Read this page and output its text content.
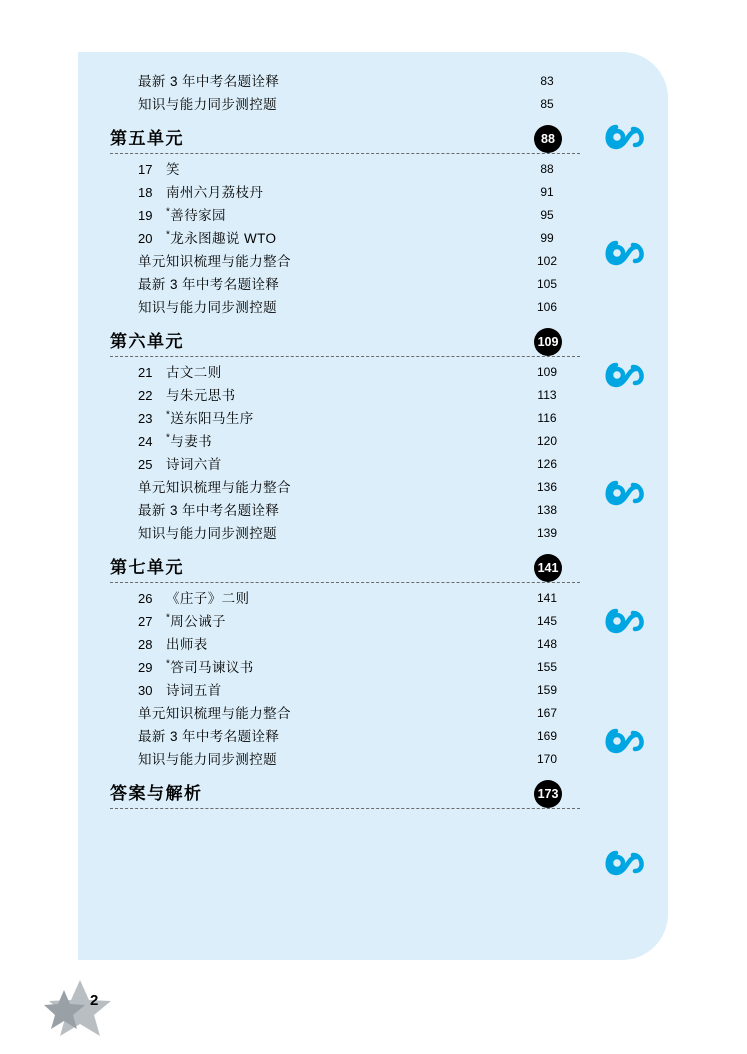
最新 3 年中考名题诠释	83
知识与能力同步测控题	85
第五单元	88
17	笑	88
18	南州六月荔枝丹	91
19	*善待家园	95
20	*龙永图趣说 WTO	99
单元知识梳理与能力整合	102
最新 3 年中考名题诠释	105
知识与能力同步测控题	106
第六单元	109
21	古文二则	109
22	与朱元思书	113
23	*送东阳马生序	116
24	*与妻书	120
25	诗词六首	126
单元知识梳理与能力整合	136
最新 3 年中考名题诠释	138
知识与能力同步测控题	139
第七单元	141
26	《庄子》二则	141
27	*周公诫子	145
28	出师表	148
29	*答司马谏议书	155
30	诗词五首	159
单元知识梳理与能力整合	167
最新 3 年中考名题诠释	169
知识与能力同步测控题	170
答案与解析	173
2
